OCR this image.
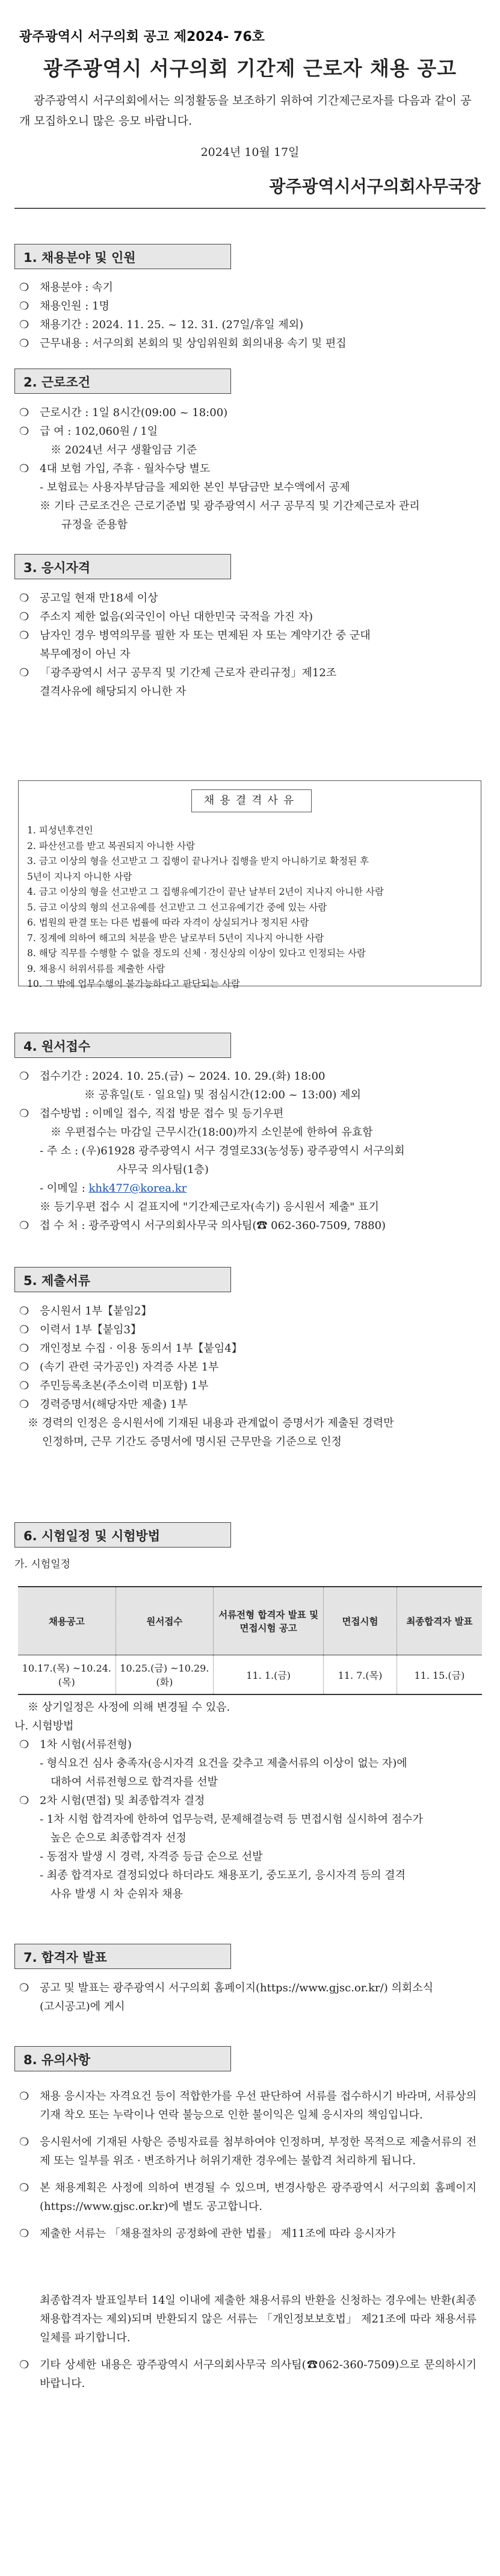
광주광역시 서구의회 공고 제2024- 76호
광주광역시 서구의회 기간제 근로자 채용 공고
광주광역시 서구의회에서는 의정활동을 보조하기 위하여 기간제근로자를 다음과 같이 공개 모집하오니 많은 응모 바랍니다.
2024년 10월 17일
광주광역시서구의회사무국장
1. 채용분야 및 인원
❍ 채용분야 : 속기
❍ 채용인원 : 1명
❍ 채용기간 : 2024. 11. 25. ~ 12. 31. (27일/휴일 제외)
❍ 근무내용 : 서구의회 본회의 및 상임위원회 회의내용 속기 및 편집
2. 근로조건
❍ 근로시간 : 1일 8시간(09:00 ~ 18:00)
❍ 급 여 : 102,060원 / 1일
※ 2024년 서구 생활임금 기준
❍ 4대 보험 가입, 주휴 · 월차수당 별도
- 보험료는 사용자부담금을 제외한 본인 부담금만 보수액에서 공제
※ 기타 근로조건은 근로기준법 및 광주광역시 서구 공무직 및 기간제근로자 관리
규정을 준용함
3. 응시자격
❍ 공고일 현재 만18세 이상
❍ 주소지 제한 없음(외국인이 아닌 대한민국 국적을 가진 자)
❍ 남자인 경우 병역의무를 필한 자 또는 면제된 자 또는 계약기간 중 군대
복무예정이 아닌 자
❍ 「광주광역시 서구 공무직 및 기간제 근로자 관리규정」제12조
결격사유에 해당되지 아니한 자
채용결격사유
1. 피성년후견인
2. 파산선고를 받고 복권되지 아니한 사람
3. 금고 이상의 형을 선고받고 그 집행이 끝나거나 집행을 받지 아니하기로 확정된 후
5년이 지나지 아니한 사람
4. 금고 이상의 형을 선고받고 그 집행유예기간이 끝난 날부터 2년이 지나지 아니한 사람
5. 금고 이상의 형의 선고유예를 선고받고 그 선고유예기간 중에 있는 사람
6. 법원의 판결 또는 다른 법률에 따라 자격이 상실되거나 정지된 사람
7. 징계에 의하여 해고의 처분을 받은 날로부터 5년이 지나지 아니한 사람
8. 해당 직무를 수행할 수 없을 정도의 신체 · 정신상의 이상이 있다고 인정되는 사람
9. 채용시 허위서류를 제출한 사람
10. 그 밖에 업무수행이 불가능하다고 판단되는 사람
4. 원서접수
❍ 접수기간 : 2024. 10. 25.(금) ~ 2024. 10. 29.(화) 18:00
※ 공휴일(토 · 일요일) 및 점심시간(12:00 ~ 13:00) 제외
❍ 접수방법 : 이메일 접수, 직접 방문 접수 및 등기우편
※ 우편접수는 마감일 근무시간(18:00)까지 소인분에 한하여 유효함
- 주 소 : (우)61928 광주광역시 서구 경열로33(농성동) 광주광역시 서구의회
사무국 의사팀(1층)
- 이메일 : khk477@korea.kr
※ 등기우편 접수 시 겉표지에 "기간제근로자(속기) 응시원서 제출" 표기
❍ 접 수 처 : 광주광역시 서구의회사무국 의사팀(☎ 062-360-7509, 7880)
5. 제출서류
❍ 응시원서 1부【붙임2】
❍ 이력서 1부【붙임3】
❍ 개인정보 수집 · 이용 동의서 1부【붙임4】
❍ (속기 관련 국가공인) 자격증 사본 1부
❍ 주민등록초본(주소이력 미포함) 1부
❍ 경력증명서(해당자만 제출) 1부
※ 경력의 인정은 응시원서에 기재된 내용과 관계없이 증명서가 제출된 경력만
인정하며, 근무 기간도 증명서에 명시된 근무만을 기준으로 인정
6. 시험일정 및 시험방법
가. 시험일정
채용공고	원서접수	서류전형 합격자 발표 및 면접시험 공고	면접시험	최종합격자 발표
10.17.(목) ~10.24.(목)	10.25.(금) ~10.29.(화)	11. 1.(금)	11. 7.(목)	11. 15.(금)
※ 상기일정은 사정에 의해 변경될 수 있음.
나. 시험방법
❍ 1차 시험(서류전형)
- 형식요건 심사 충족자(응시자격 요건을 갖추고 제출서류의 이상이 없는 자)에
대하여 서류전형으로 합격자를 선발
❍ 2차 시험(면접) 및 최종합격자 결정
- 1차 시험 합격자에 한하여 업무능력, 문제해결능력 등 면접시험 실시하여 점수가
높은 순으로 최종합격자 선정
- 동점자 발생 시 경력, 자격증 등급 순으로 선발
- 최종 합격자로 결정되었다 하더라도 채용포기, 중도포기, 응시자격 등의 결격
사유 발생 시 차 순위자 채용
7. 합격자 발표
❍ 공고 및 발표는 광주광역시 서구의회 홈페이지(https://www.gjsc.or.kr/) 의회소식
(고시공고)에 게시
8. 유의사항
❍ 채용 응시자는 자격요건 등이 적합한가를 우선 판단하여 서류를 접수하시기 바라며, 서류상의 기재 착오 또는 누락이나 연락 불능으로 인한 불이익은 일체 응시자의 책임입니다.
❍ 응시원서에 기재된 사항은 증빙자료를 첨부하여야 인정하며, 부정한 목적으로 제출서류의 전제 또는 일부를 위조 · 변조하거나 허위기재한 경우에는 불합격 처리하게 됩니다.
❍ 본 채용계획은 사정에 의하여 변경될 수 있으며, 변경사항은 광주광역시 서구의회 홈페이지(https://www.gjsc.or.kr)에 별도 공고합니다.
❍ 제출한 서류는 「채용절차의 공정화에 관한 법률」 제11조에 따라 응시자가
최종합격자 발표일부터 14일 이내에 제출한 채용서류의 반환을 신청하는 경우에는 반환(최종 채용합격자는 제외)되며 반환되지 않은 서류는 「개인정보보호법」 제21조에 따라 채용서류 일체를 파기합니다.
❍ 기타 상세한 내용은 광주광역시 서구의회사무국 의사팀(☎062-360-7509)으로 문의하시기 바랍니다.
